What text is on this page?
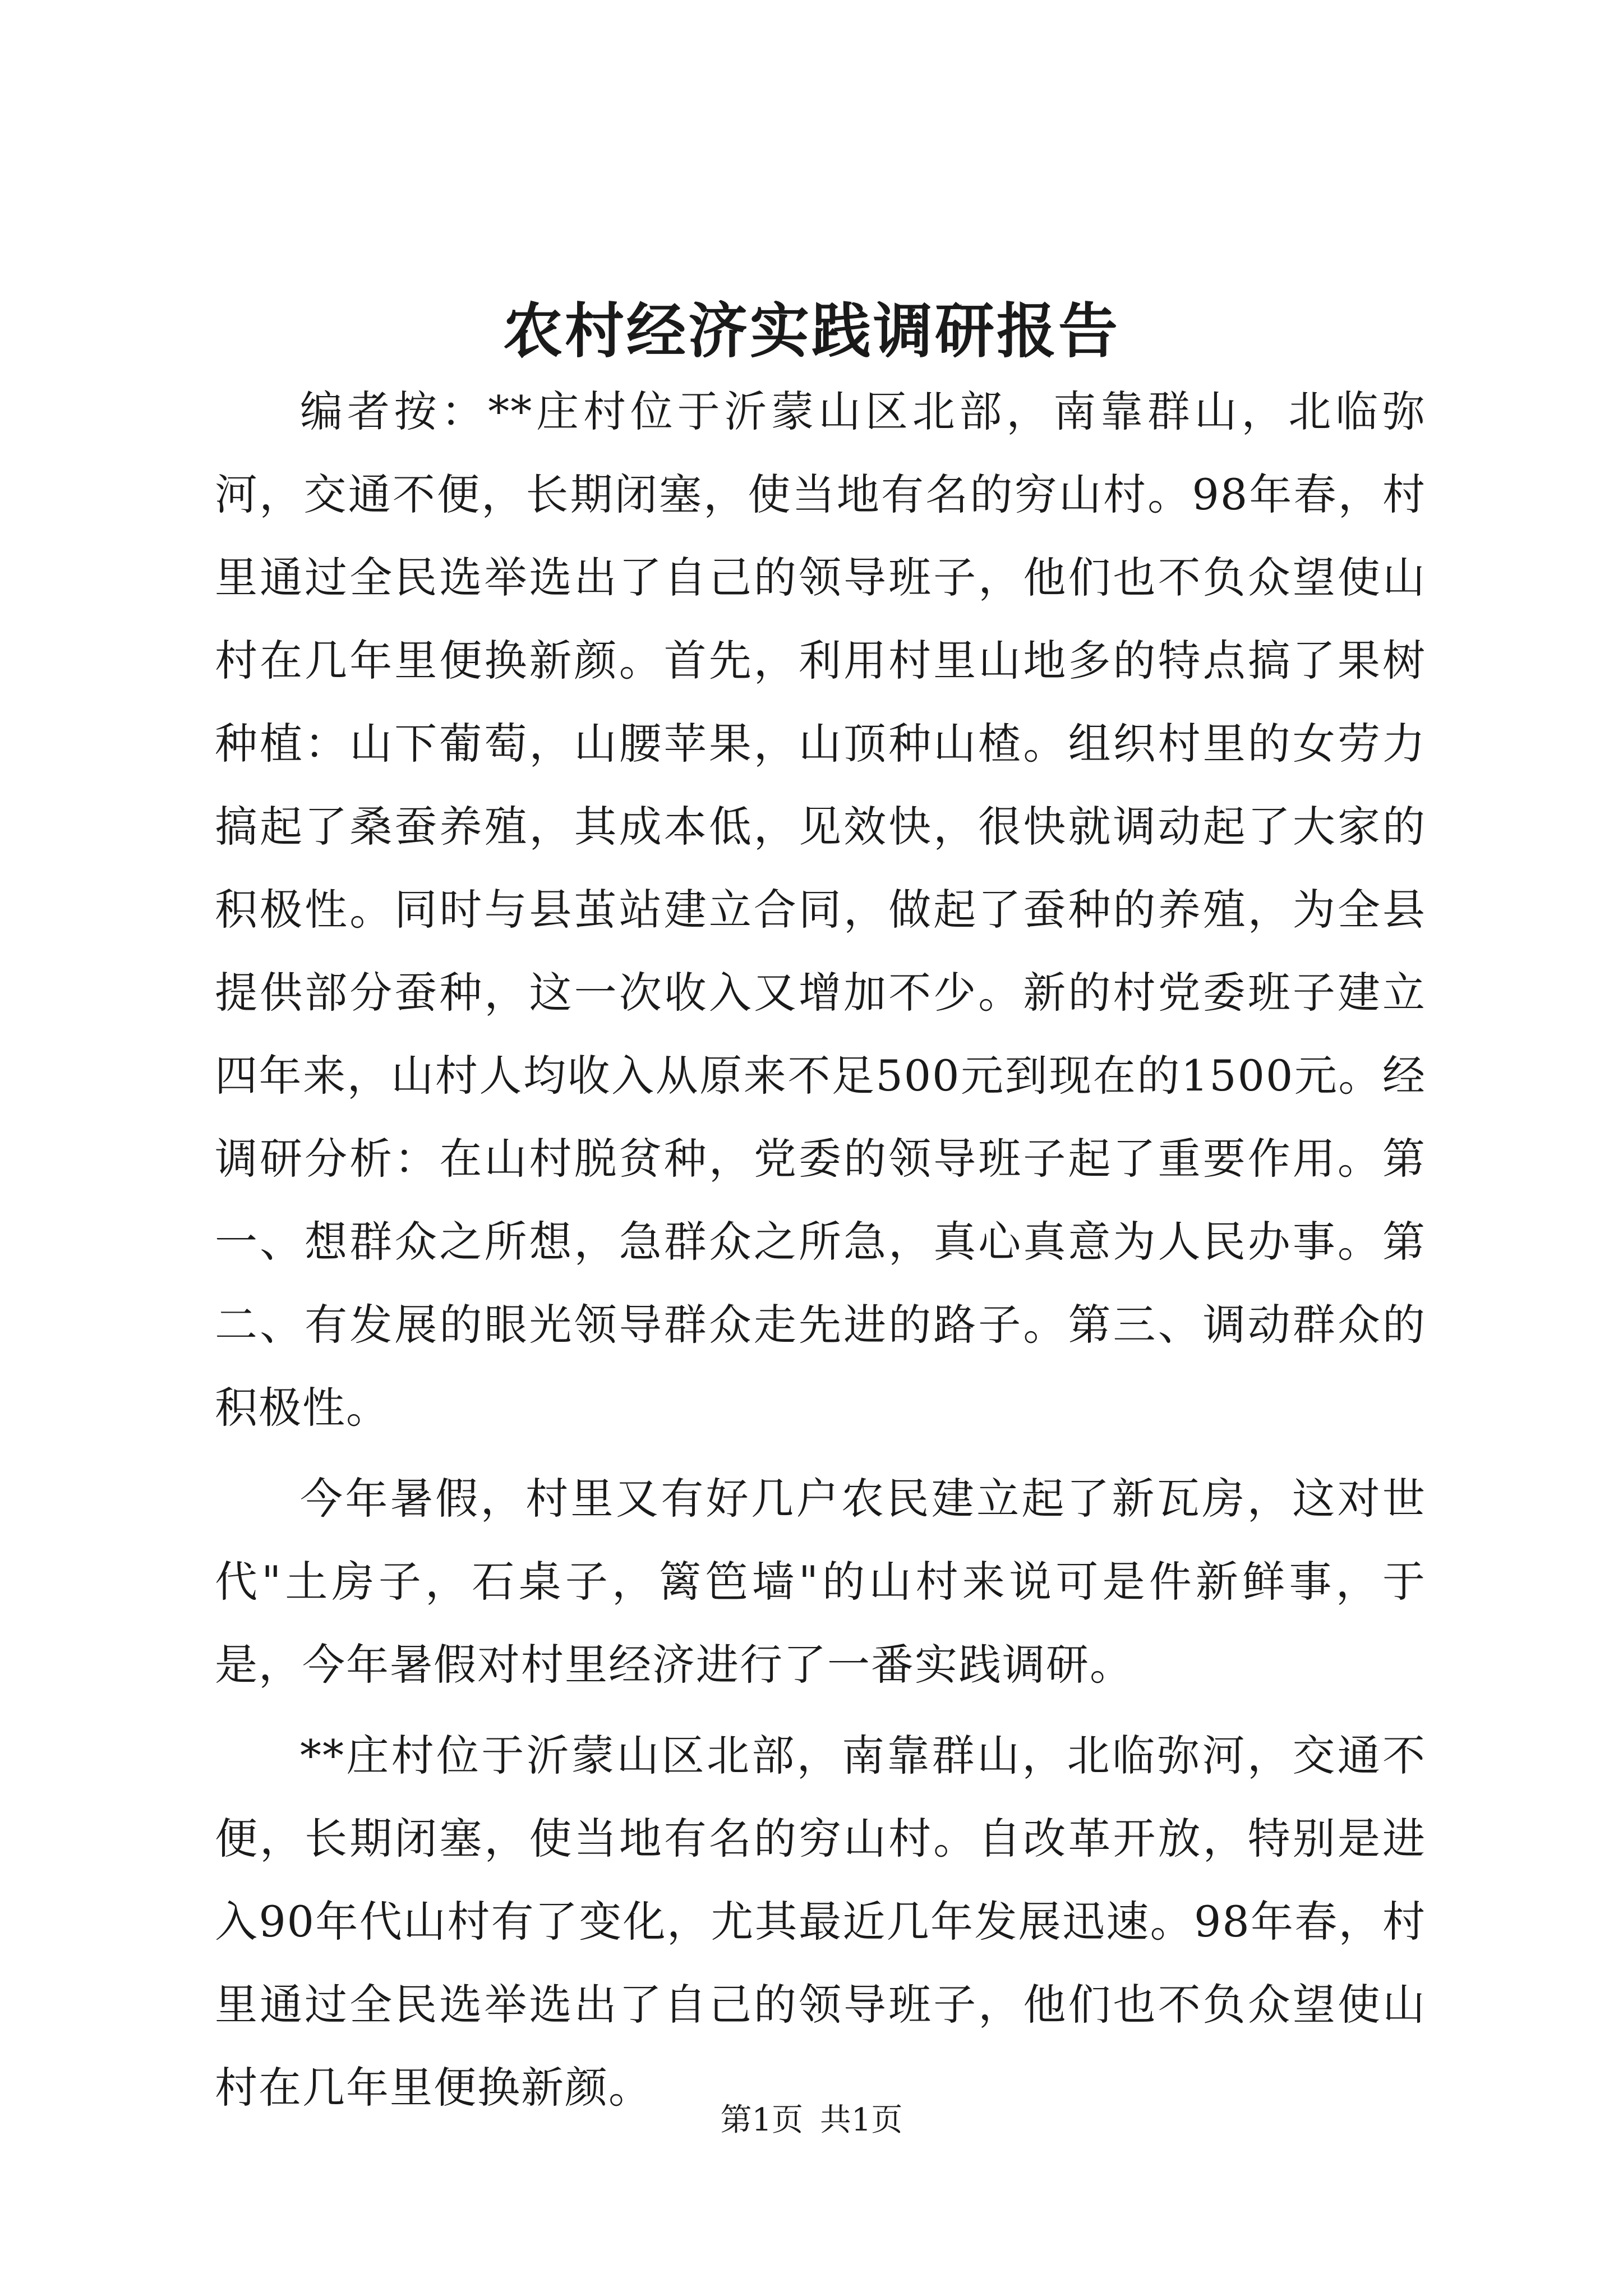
农村经济实践调研报告

编者按：**庄村位于沂蒙山区北部，南靠群山，北临弥河，交通不便，长期闭塞，使当地有名的穷山村。98年春，村里通过全民选举选出了自己的领导班子，他们也不负众望使山村在几年里便换新颜。首先，利用村里山地多的特点搞了果树种植：山下葡萄，山腰苹果，山顶种山楂。组织村里的女劳力搞起了桑蚕养殖，其成本低，见效快，很快就调动起了大家的积极性。同时与县茧站建立合同，做起了蚕种的养殖，为全县提供部分蚕种，这一次收入又增加不少。新的村党委班子建立四年来，山村人均收入从原来不足500元到现在的1500元。经调研分析：在山村脱贫种，党委的领导班子起了重要作用。第一、想群众之所想，急群众之所急，真心真意为人民办事。第二、有发展的眼光领导群众走先进的路子。第三、调动群众的积极性。

今年暑假，村里又有好几户农民建立起了新瓦房，这对世代"土房子，石桌子，篱笆墙"的山村来说可是件新鲜事，于是，今年暑假对村里经济进行了一番实践调研。

**庄村位于沂蒙山区北部，南靠群山，北临弥河，交通不便，长期闭塞，使当地有名的穷山村。自改革开放，特别是进入90年代山村有了变化，尤其最近几年发展迅速。98年春，村里通过全民选举选出了自己的领导班子，他们也不负众望使山村在几年里便换新颜。

第1页 共1页
